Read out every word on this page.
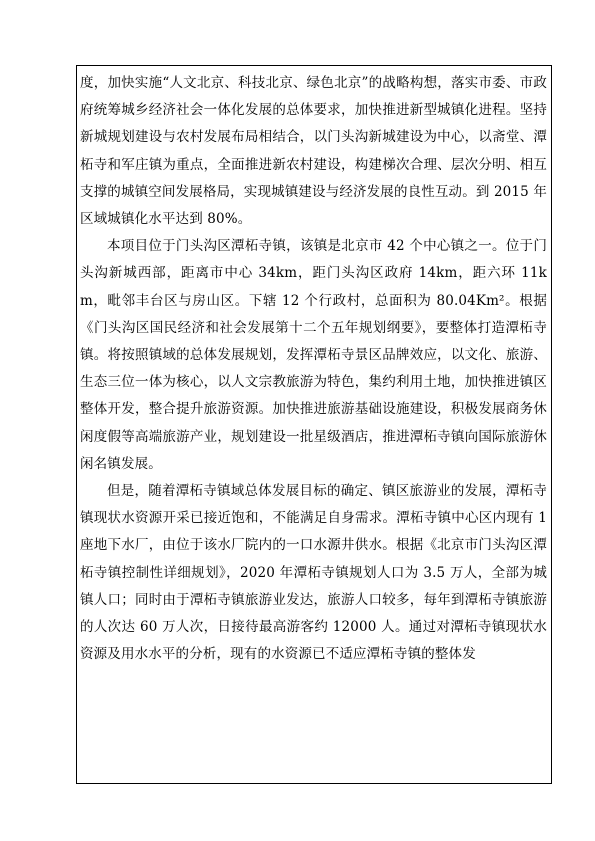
度，加快实施“人文北京、科技北京、绿色北京”的战略构想，落实市委、市政府统筹城乡经济社会一体化发展的总体要求，加快推进新型城镇化进程。坚持新城规划建设与农村发展布局相结合，以门头沟新城建设为中心，以斋堂、潭柘寺和军庄镇为重点，全面推进新农村建设，构建梯次合理、层次分明、相互支撑的城镇空间发展格局，实现城镇建设与经济发展的良性互动。到 2015 年区域城镇化水平达到 80%。

本项目位于门头沟区潭柘寺镇，该镇是北京市 42 个中心镇之一。位于门头沟新城西部，距离市中心 34km，距门头沟区政府 14km，距六环 11km，毗邻丰台区与房山区。下辖 12 个行政村，总面积为 80.04Km²。根据《门头沟区国民经济和社会发展第十二个五年规划纲要》，要整体打造潭柘寺镇。将按照镇域的总体发展规划，发挥潭柘寺景区品牌效应，以文化、旅游、生态三位一体为核心，以人文宗教旅游为特色，集约利用土地，加快推进镇区整体开发，整合提升旅游资源。加快推进旅游基础设施建设，积极发展商务休闲度假等高端旅游产业，规划建设一批星级酒店，推进潭柘寺镇向国际旅游休闲名镇发展。

但是，随着潭柘寺镇域总体发展目标的确定、镇区旅游业的发展，潭柘寺镇现状水资源开采已接近饱和，不能满足自身需求。潭柘寺镇中心区内现有 1 座地下水厂，由位于该水厂院内的一口水源井供水。根据《北京市门头沟区潭柘寺镇控制性详细规划》，2020 年潭柘寺镇规划人口为 3.5 万人，全部为城镇人口；同时由于潭柘寺镇旅游业发达，旅游人口较多，每年到潭柘寺镇旅游的人次达 60 万人次，日接待最高游客约 12000 人。通过对潭柘寺镇现状水资源及用水水平的分析，现有的水资源已不适应潭柘寺镇的整体发
